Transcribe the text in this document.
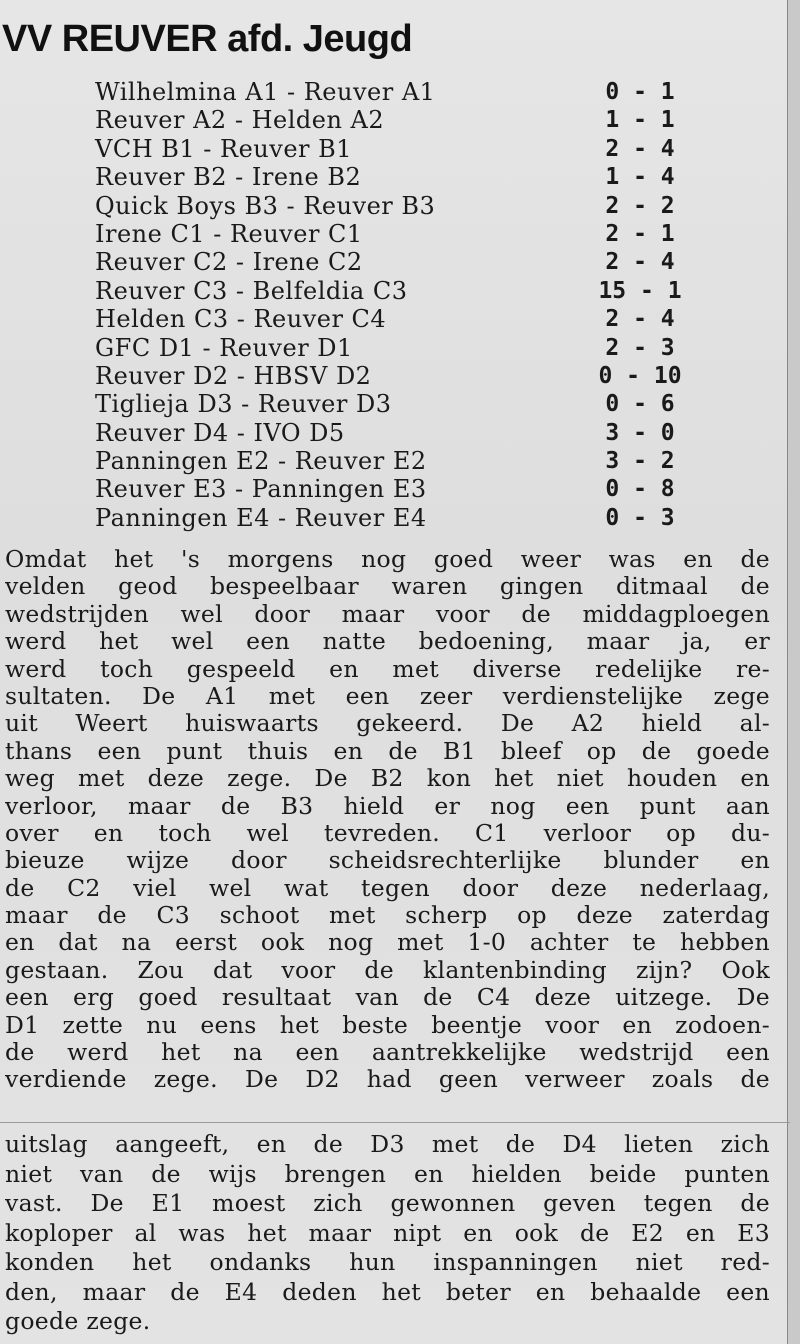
VV REUVER afd. Jeugd
Wilhelmina A1 - Reuver A1	0 - 1
Reuver A2 - Helden A2	1 - 1
VCH B1 - Reuver B1	2 - 4
Reuver B2 - Irene B2	1 - 4
Quick Boys B3 - Reuver B3	2 - 2
Irene C1 - Reuver C1	2 - 1
Reuver C2 - Irene C2	2 - 4
Reuver C3 - Belfeldia C3	15 - 1
Helden C3 - Reuver C4	2 - 4
GFC D1 - Reuver D1	2 - 3
Reuver D2 - HBSV D2	0 - 10
Tiglieja D3 - Reuver D3	0 - 6
Reuver D4 - IVO D5	3 - 0
Panningen E2 - Reuver E2	3 - 2
Reuver E3 - Panningen E3	0 - 8
Panningen E4 - Reuver E4	0 - 3
Omdat het 's morgens nog goed weer was en de
velden geod bespeelbaar waren gingen ditmaal de
wedstrijden wel door maar voor de middagploegen
werd het wel een natte bedoening, maar ja, er
werd toch gespeeld en met diverse redelijke re-
sultaten. De A1 met een zeer verdienstelijke zege
uit Weert huiswaarts gekeerd. De A2 hield al-
thans een punt thuis en de B1 bleef op de goede
weg met deze zege. De B2 kon het niet houden en
verloor, maar de B3 hield er nog een punt aan
over en toch wel tevreden. C1 verloor op du-
bieuze wijze door scheidsrechterlijke blunder en
de C2 viel wel wat tegen door deze nederlaag,
maar de C3 schoot met scherp op deze zaterdag
en dat na eerst ook nog met 1-0 achter te hebben
gestaan. Zou dat voor de klantenbinding zijn? Ook
een erg goed resultaat van de C4 deze uitzege. De
D1 zette nu eens het beste beentje voor en zodoen-
de werd het na een aantrekkelijke wedstrijd een
verdiende zege. De D2 had geen verweer zoals de
uitslag aangeeft, en de D3 met de D4 lieten zich
niet van de wijs brengen en hielden beide punten
vast. De E1 moest zich gewonnen geven tegen de
koploper al was het maar nipt en ook de E2 en E3
konden het ondanks hun inspanningen niet red-
den, maar de E4 deden het beter en behaalde een
goede zege.
